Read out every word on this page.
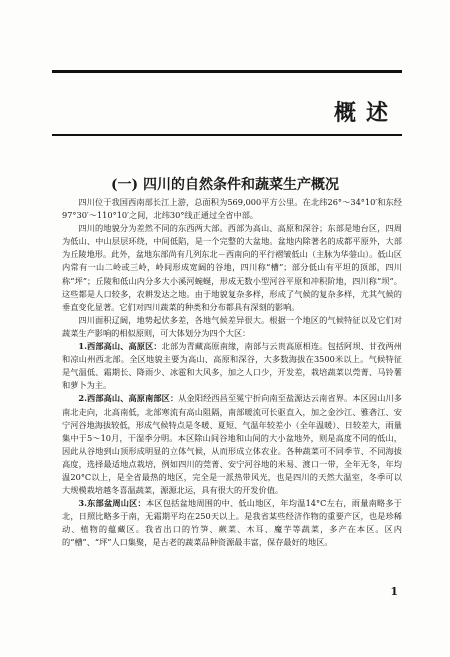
概述
(一) 四川的自然条件和蔬菜生产概况

四川位于我国西南部长江上游，总面积为569,000平方公里。在北纬26°～34°10′和东经97°30′～110°10′之间，北纬30°线正通过全省中部。

四川的地貌分为差然不同的东西两大部。西部为高山、高原和深谷；东部是地台区，四周为低山、中山层层环绕，中间低陷，是一个完整的大盆地。盆地内除著名的成都平原外，大部为丘陵地形。此外，盆地东部尚有几列东北－西南向的平行褶皱低山（主脉为华蓥山）。低山区内常有一山二岭或三岭，岭间形成宽阔的谷地，四川称“槽”；部分低山有平坦的顶部，四川称“坪”；丘陵和低山内分多大小溪河蜿蜒，形成无数小型河谷平原和冲积阶地，四川称“坝”。这些都是人口较多，农耕发达之地。由于地貌复杂多样，形成了气候的复杂多样，尤其气候的垂直变化显著。它们对四川蔬菜的种类和分布都具有深刻的影响。

四川面积辽阔，地势起伏多差，各地气候差异很大。根据一个地区的气候特征以及它们对蔬菜生产影响的相似原则，可大体划分为四个大区：

1.西部高山、高原区：北部为青藏高原南缘，南部与云贵高原相连。包括阿坝、甘孜两州和凉山州西北部。全区地貌主要为高山、高原和深谷，大多数海拔在3500米以上。气候特征是气温低、霜期长、降雨少、冰雹和大风多，加之人口少，开发差，栽培蔬菜以莞菁、马铃薯和萝卜为主。

2.西部高山、高原南部区：从金阳经西昌至冕宁折向南至盐源达云南省界。本区因山川多南北走向，北高南低，北部寒流有高山阻隔，南部暖流可长驱直入，加之金沙江、雅砻江、安宁河谷地海拔较低，形成气候特点是冬暖、夏短、气温年较差小（全年温暖）、日较差大，雨量集中于5～10月，干湿季分明。本区除山间谷地和山间的大小盆地外，则是高度不同的低山，因此从谷地到山顶形成明显的立体气候，从而形成立体农业。各种蔬菜可不同季节、不同海拔高度，选择最适地点栽培，例如四川的莞菁、安宁河谷地的米易、渡口一带，全年无冬，年均温20°C以上，是全省最热的地区，完全是一派热带风光，也是四川的天然大温室，冬季可以大规模栽培越冬喜温蔬菜，源源北运，具有很大的开发价值。

3.东部盆周山区：本区包括盆地周围的中、低山地区，年均温14°C左右，雨量南略多于北，日照比略多于南，无霜期平均在250天以上。是我省某些经济作物的重要产区，也是珍稀动、植物的蕴藏区。我省出口的竹笋、蕨菜、木耳、魔芋等蔬菜，多产在本区。区内的“槽”、“坪”人口集聚，是古老的蔬菜品种资源最丰富，保存最好的地区。

1
